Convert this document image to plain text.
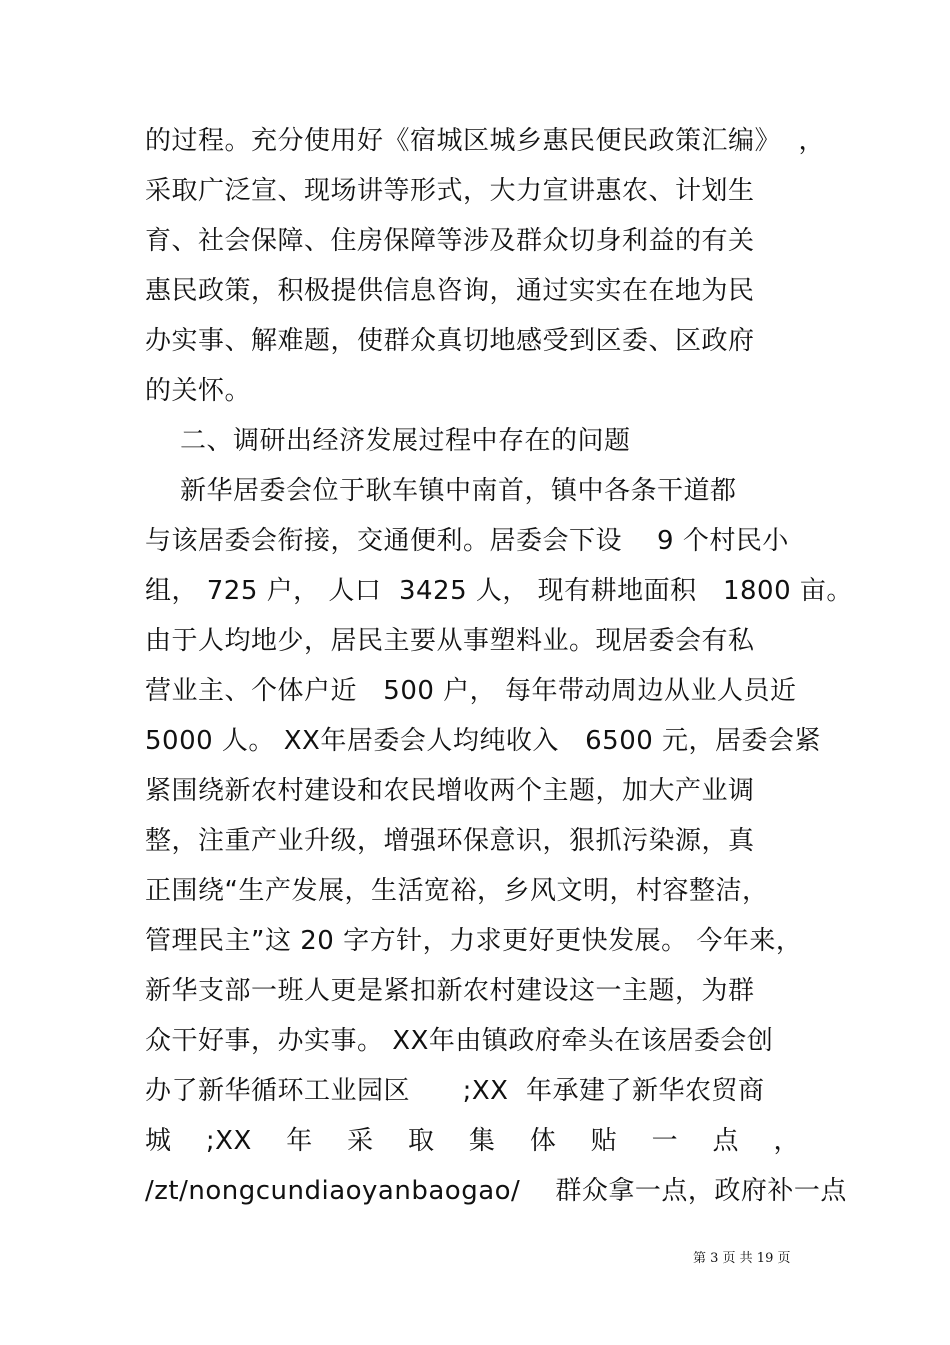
的过程。充分使用好《宿城区城乡惠民便民政策汇编》  ，
采取广泛宣、现场讲等形式，大力宣讲惠农、计划生
育、社会保障、住房保障等涉及群众切身利益的有关
惠民政策，积极提供信息咨询，通过实实在在地为民
办实事、解难题，使群众真切地感受到区委、区政府
的关怀。
二、调研出经济发展过程中存在的问题
新华居委会位于耿车镇中南首，镇中各条干道都
与该居委会衔接，交通便利。居委会下设    9 个村民小
组， 725 户， 人口  3425 人， 现有耕地面积   1800 亩。
由于人均地少，居民主要从事塑料业。现居委会有私
营业主、个体户近   500 户， 每年带动周边从业人员近
5000 人。 XX年居委会人均纯收入   6500 元，居委会紧
紧围绕新农村建设和农民增收两个主题，加大产业调
整，注重产业升级，增强环保意识，狠抓污染源，真
正围绕“生产发展，生活宽裕，乡风文明，村容整洁，
管理民主”这 20 字方针，力求更好更快发展。 今年来，
新华支部一班人更是紧扣新农村建设这一主题，为群
众干好事，办实事。 XX年由镇政府牵头在该居委会创
办了新华循环工业园区      ;XX  年承建了新华农贸商
城 ;XX 年 采 取 集 体 贴 一 点 ，
/zt/nongcundiaoyanbaogao/    群众拿一点，政府补一点
第 3 页 共 19 页
